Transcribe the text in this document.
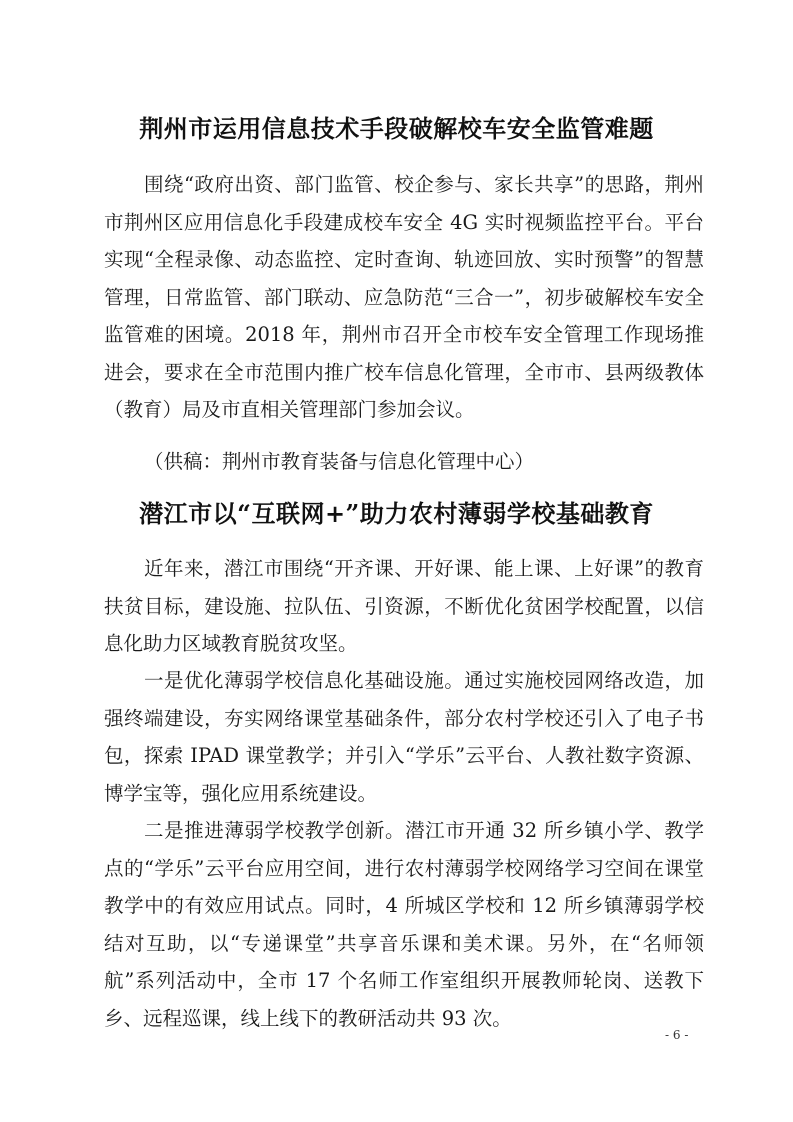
荆州市运用信息技术手段破解校车安全监管难题
围绕“政府出资、部门监管、校企参与、家长共享”的思路，荆州市荆州区应用信息化手段建成校车安全 4G 实时视频监控平台。平台实现“全程录像、动态监控、定时查询、轨迹回放、实时预警”的智慧管理，日常监管、部门联动、应急防范“三合一”，初步破解校车安全监管难的困境。2018 年，荆州市召开全市校车安全管理工作现场推进会，要求在全市范围内推广校车信息化管理，全市市、县两级教体（教育）局及市直相关管理部门参加会议。
（供稿：荆州市教育装备与信息化管理中心）
潜江市以“互联网+”助力农村薄弱学校基础教育
近年来，潜江市围绕“开齐课、开好课、能上课、上好课”的教育扶贫目标，建设施、拉队伍、引资源，不断优化贫困学校配置，以信息化助力区域教育脱贫攻坚。
一是优化薄弱学校信息化基础设施。通过实施校园网络改造，加强终端建设，夯实网络课堂基础条件，部分农村学校还引入了电子书包，探索 IPAD 课堂教学；并引入“学乐”云平台、人教社数字资源、博学宝等，强化应用系统建设。
二是推进薄弱学校教学创新。潜江市开通 32 所乡镇小学、教学点的“学乐”云平台应用空间，进行农村薄弱学校网络学习空间在课堂教学中的有效应用试点。同时，4 所城区学校和 12 所乡镇薄弱学校结对互助，以“专递课堂”共享音乐课和美术课。另外，在“名师领航”系列活动中，全市 17 个名师工作室组织开展教师轮岗、送教下乡、远程巡课，线上线下的教研活动共 93 次。
- 6 -
